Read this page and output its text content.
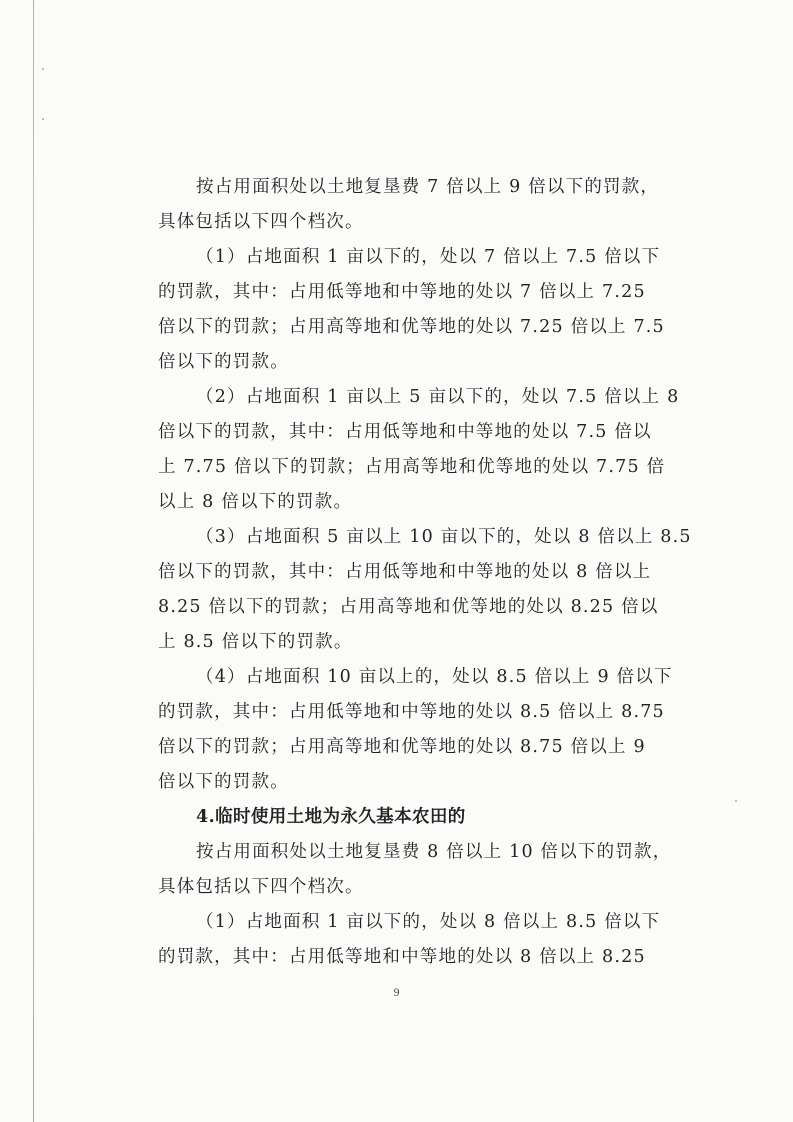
按占用面积处以土地复垦费 7 倍以上 9 倍以下的罚款，
具体包括以下四个档次。
（1）占地面积 1 亩以下的，处以 7 倍以上 7.5 倍以下
的罚款，其中：占用低等地和中等地的处以 7 倍以上 7.25
倍以下的罚款；占用高等地和优等地的处以 7.25 倍以上 7.5
倍以下的罚款。
（2）占地面积 1 亩以上 5 亩以下的，处以 7.5 倍以上 8
倍以下的罚款，其中：占用低等地和中等地的处以 7.5 倍以
上 7.75 倍以下的罚款；占用高等地和优等地的处以 7.75 倍
以上 8 倍以下的罚款。
（3）占地面积 5 亩以上 10 亩以下的，处以 8 倍以上 8.5
倍以下的罚款，其中：占用低等地和中等地的处以 8 倍以上
8.25 倍以下的罚款；占用高等地和优等地的处以 8.25 倍以
上 8.5 倍以下的罚款。
（4）占地面积 10 亩以上的，处以 8.5 倍以上 9 倍以下
的罚款，其中：占用低等地和中等地的处以 8.5 倍以上 8.75
倍以下的罚款；占用高等地和优等地的处以 8.75 倍以上 9
倍以下的罚款。
4.临时使用土地为永久基本农田的
按占用面积处以土地复垦费 8 倍以上 10 倍以下的罚款，
具体包括以下四个档次。
（1）占地面积 1 亩以下的，处以 8 倍以上 8.5 倍以下
的罚款，其中：占用低等地和中等地的处以 8 倍以上 8.25
9
